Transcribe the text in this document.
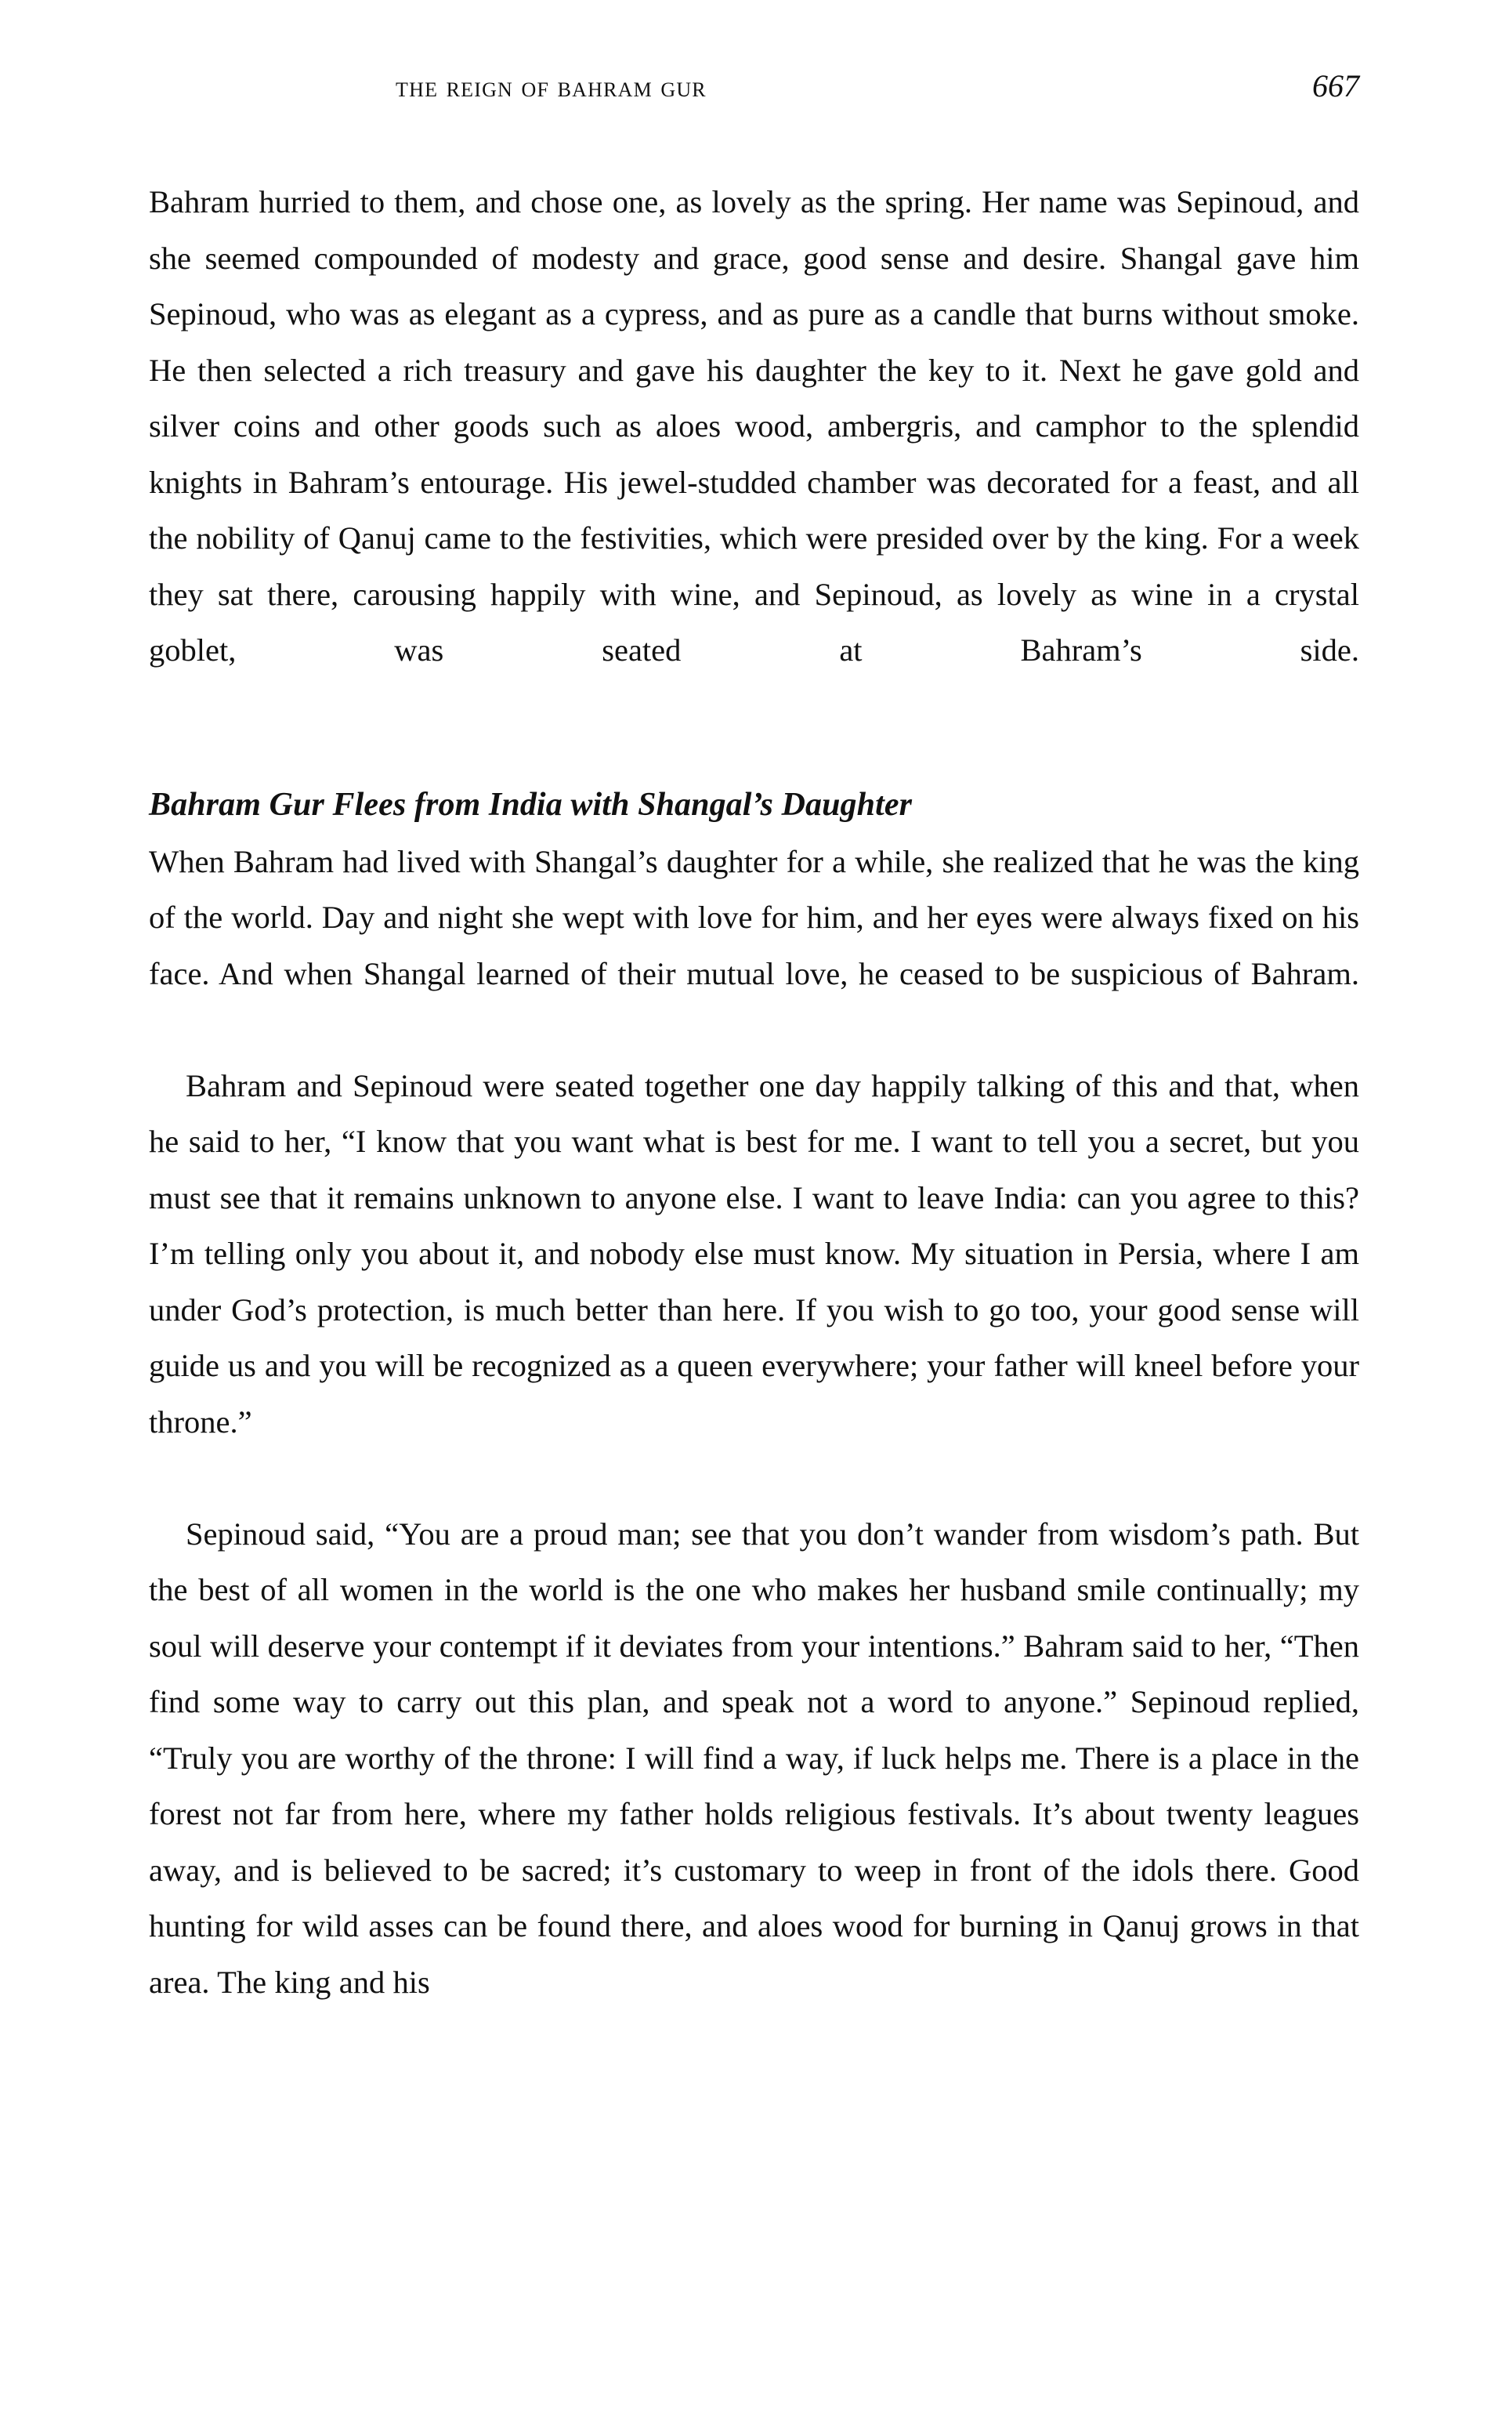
the reign of bahram gur	667

Bahram hurried to them, and chose one, as lovely as the spring. Her name was Sepinoud, and she seemed compounded of modesty and grace, good sense and desire. Shangal gave him Sepinoud, who was as elegant as a cypress, and as pure as a candle that burns without smoke. He then selected a rich treasury and gave his daughter the key to it. Next he gave gold and silver coins and other goods such as aloes wood, ambergris, and camphor to the splendid knights in Bahram’s entourage. His jewel-studded chamber was decorated for a feast, and all the nobility of Qanuj came to the festivities, which were presided over by the king. For a week they sat there, carousing happily with wine, and Sepinoud, as lovely as wine in a crystal goblet, was seated at Bahram’s side.

Bahram Gur Flees from India with Shangal’s Daughter

When Bahram had lived with Shangal’s daughter for a while, she realized that he was the king of the world. Day and night she wept with love for him, and her eyes were always fixed on his face. And when Shangal learned of their mutual love, he ceased to be suspicious of Bahram.

Bahram and Sepinoud were seated together one day happily talking of this and that, when he said to her, “I know that you want what is best for me. I want to tell you a secret, but you must see that it remains unknown to anyone else. I want to leave India: can you agree to this? I’m telling only you about it, and nobody else must know. My situation in Persia, where I am under God’s protection, is much better than here. If you wish to go too, your good sense will guide us and you will be recognized as a queen everywhere; your father will kneel before your throne.”

Sepinoud said, “You are a proud man; see that you don’t wander from wisdom’s path. But the best of all women in the world is the one who makes her husband smile continually; my soul will deserve your contempt if it deviates from your intentions.” Bahram said to her, “Then find some way to carry out this plan, and speak not a word to anyone.” Sepinoud replied, “Truly you are worthy of the throne: I will find a way, if luck helps me. There is a place in the forest not far from here, where my father holds religious festivals. It’s about twenty leagues away, and is believed to be sacred; it’s customary to weep in front of the idols there. Good hunting for wild asses can be found there, and aloes wood for burning in Qanuj grows in that area. The king and his
